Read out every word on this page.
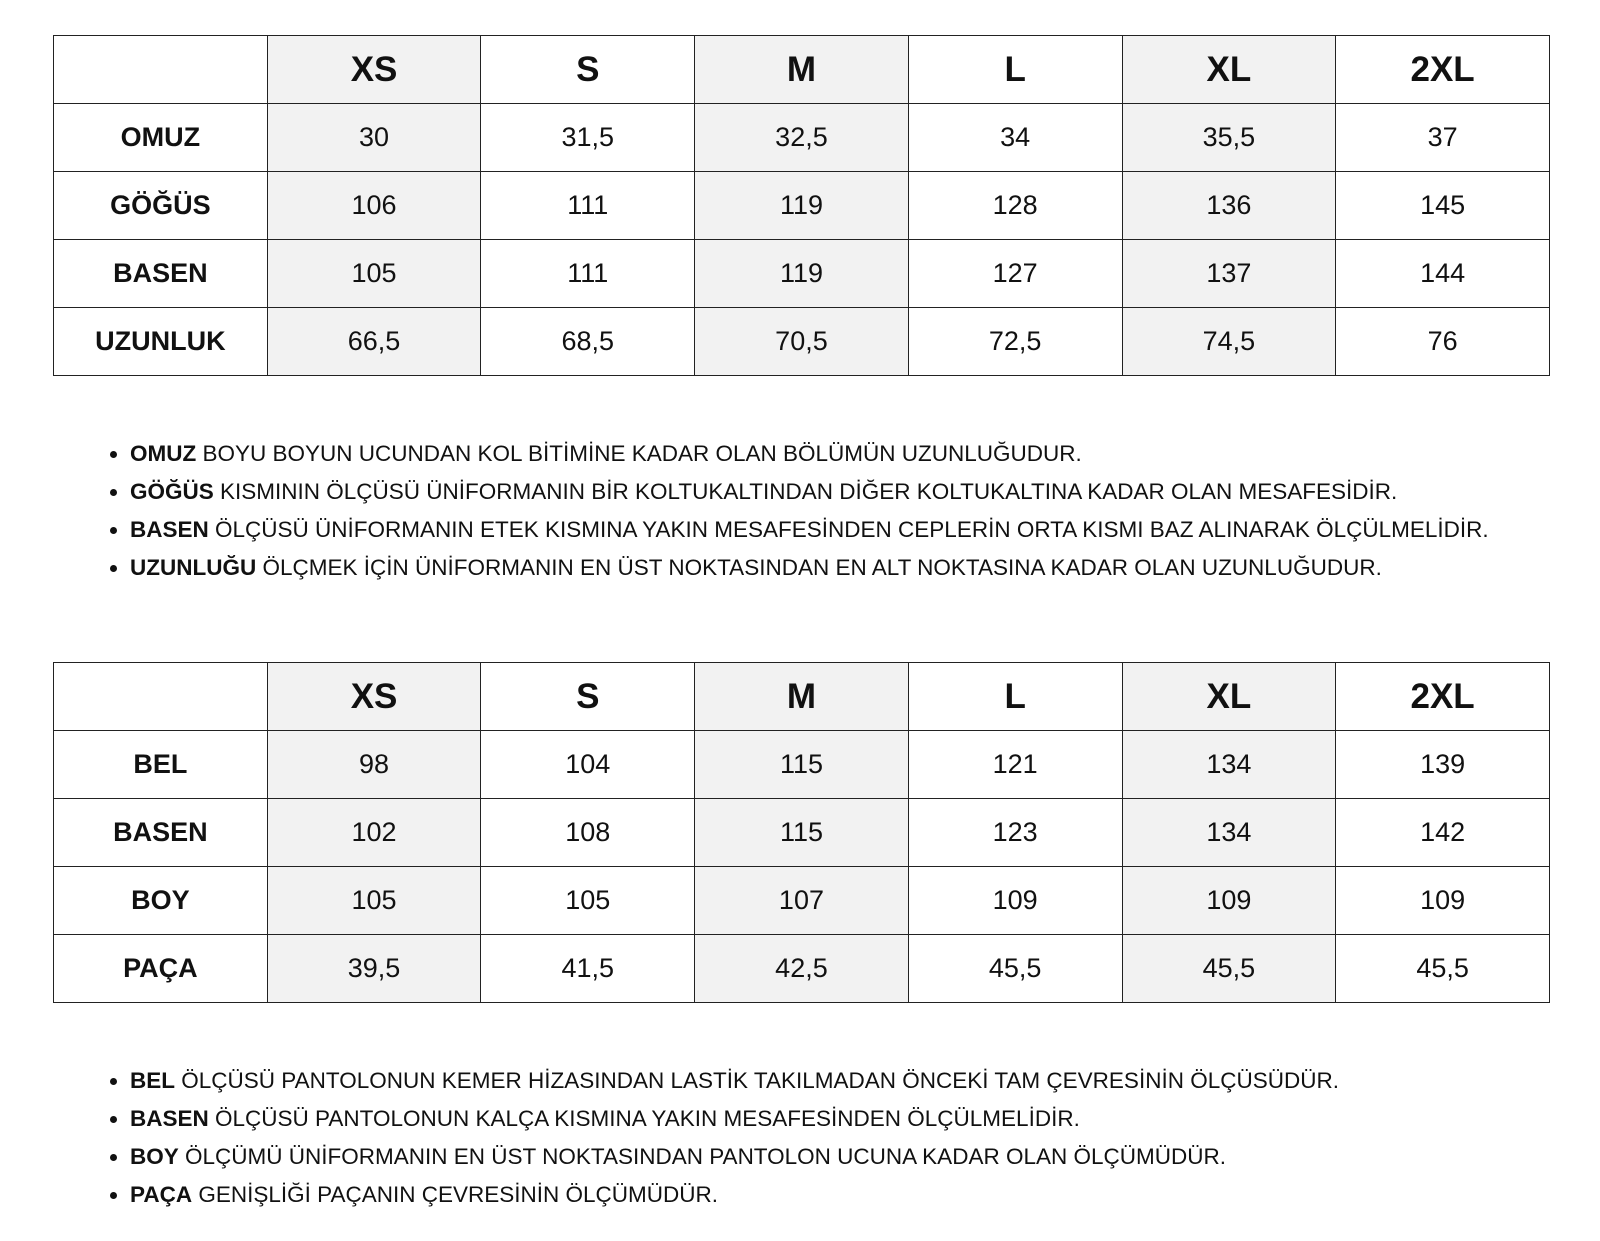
	XS	S	M	L	XL	2XL
OMUZ	30	31,5	32,5	34	35,5	37
GÖĞÜS	106	111	119	128	136	145
BASEN	105	111	119	127	137	144
UZUNLUK	66,5	68,5	70,5	72,5	74,5	76
• OMUZ BOYU BOYUN UCUNDAN KOL BİTİMİNE KADAR OLAN BÖLÜMÜN UZUNLUĞUDUR.
• GÖĞÜS KISMININ ÖLÇÜSÜ ÜNİFORMANIN BİR KOLTUKALTINDAN DİĞER KOLTUKALTINA KADAR OLAN MESAFESİDİR.
• BASEN ÖLÇÜSÜ ÜNİFORMANIN ETEK KISMINA YAKIN MESAFESİNDEN CEPLERİN ORTA KISMI BAZ ALINARAK ÖLÇÜLMELİDİR.
• UZUNLUĞU ÖLÇMEK İÇİN ÜNİFORMANIN EN ÜST NOKTASINDAN EN ALT NOKTASINA KADAR OLAN UZUNLUĞUDUR.
	XS	S	M	L	XL	2XL
BEL	98	104	115	121	134	139
BASEN	102	108	115	123	134	142
BOY	105	105	107	109	109	109
PAÇA	39,5	41,5	42,5	45,5	45,5	45,5
• BEL ÖLÇÜSÜ PANTOLONUN KEMER HİZASINDAN LASTİK TAKILMADAN ÖNCEKİ TAM ÇEVRESİNİN ÖLÇÜSÜDÜR.
• BASEN ÖLÇÜSÜ PANTOLONUN KALÇA KISMINA YAKIN MESAFESİNDEN ÖLÇÜLMELİDİR.
• BOY ÖLÇÜMÜ ÜNİFORMANIN EN ÜST NOKTASINDAN PANTOLON UCUNA KADAR OLAN ÖLÇÜMÜDÜR.
• PAÇA GENİŞLİĞİ PAÇANIN ÇEVRESİNİN ÖLÇÜMÜDÜR.
